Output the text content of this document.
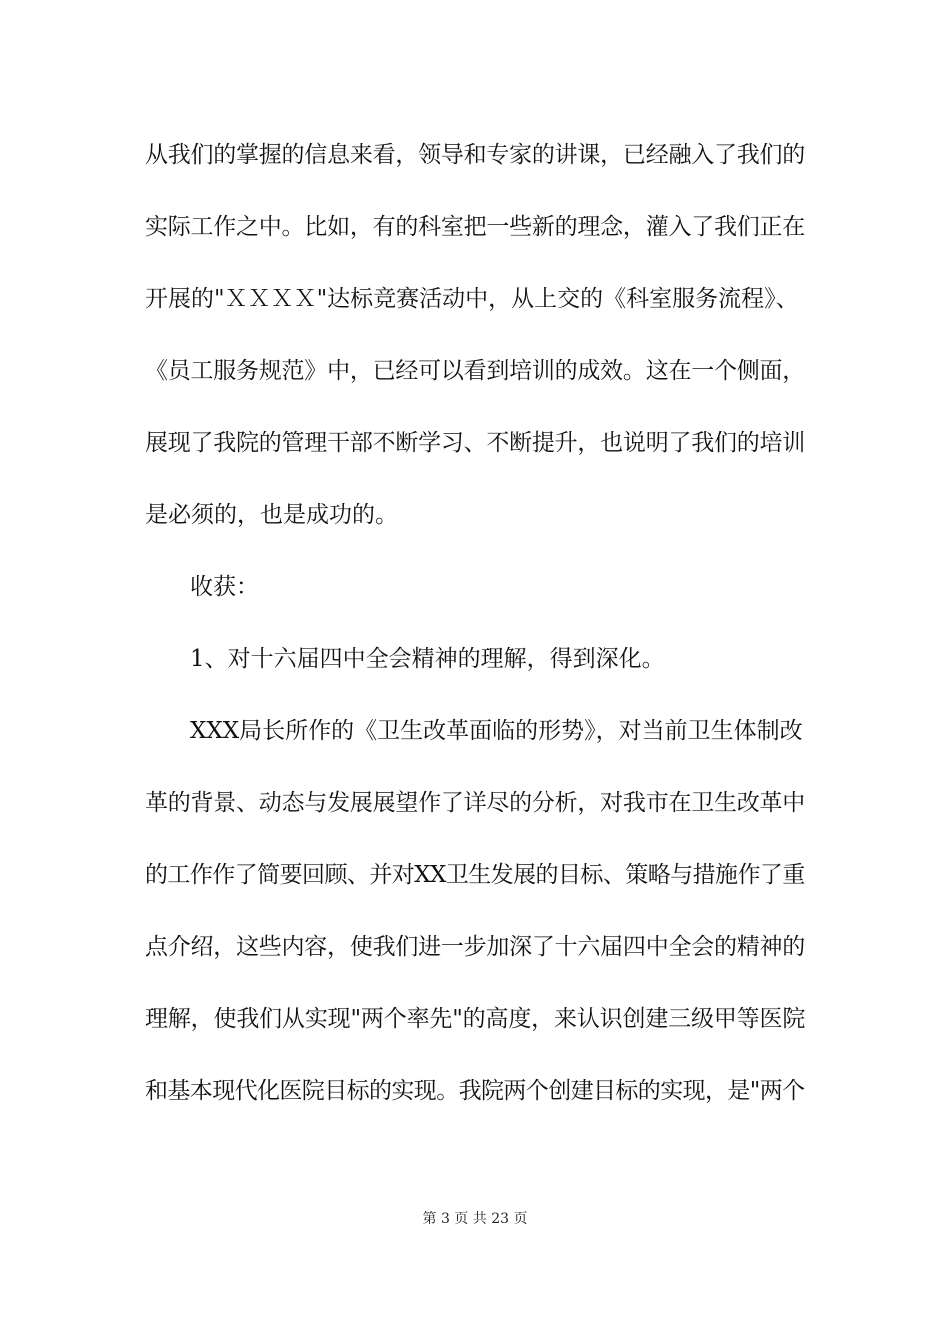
从我们的掌握的信息来看，领导和专家的讲课，已经融入了我们的
实际工作之中。比如，有的科室把一些新的理念，灌入了我们正在
开展的"ＸＸＸＸ"达标竞赛活动中，从上交的《科室服务流程》、
《员工服务规范》中，已经可以看到培训的成效。这在一个侧面，
展现了我院的管理干部不断学习、不断提升，也说明了我们的培训
是必须的，也是成功的。
收获：
1、对十六届四中全会精神的理解，得到深化。
XXX局长所作的《卫生改革面临的形势》，对当前卫生体制改
革的背景、动态与发展展望作了详尽的分析，对我市在卫生改革中
的工作作了简要回顾、并对XX卫生发展的目标、策略与措施作了重
点介绍，这些内容，使我们进一步加深了十六届四中全会的精神的
理解，使我们从实现"两个率先"的高度，来认识创建三级甲等医院
和基本现代化医院目标的实现。我院两个创建目标的实现，是"两个
第 3 页 共 23 页
